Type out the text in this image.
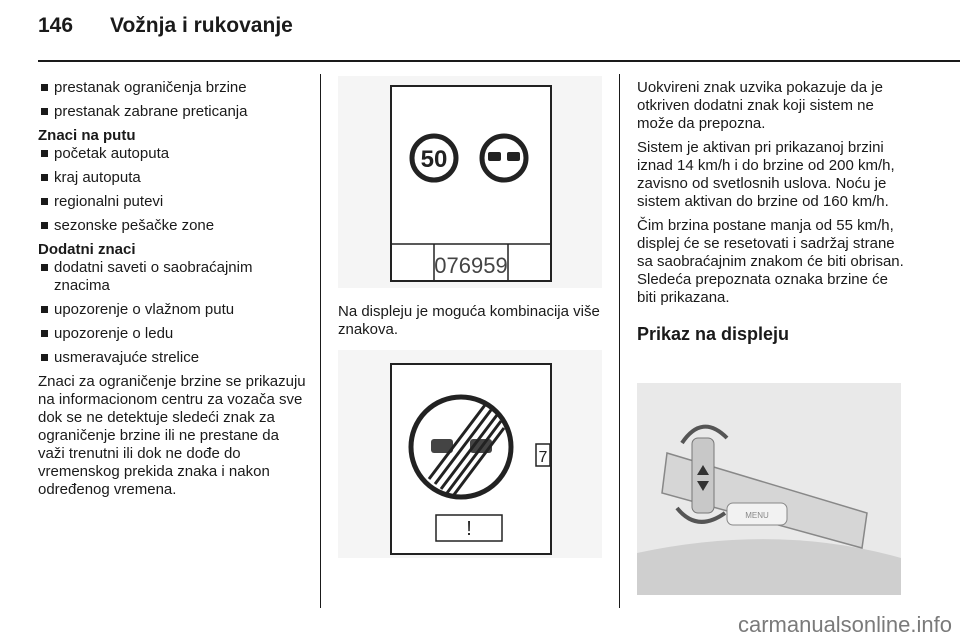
146 Vožnja i rukovanje

prestanak ograničenja brzine

prestanak zabrane preticanja

Znaci na putu

početak autoputa

kraj autoputa

regionalni putevi

sezonske pešačke zone

Dodatni znaci

dodatni saveti o saobraćajnim znacima

upozorenje o vlažnom putu

upozorenje o ledu

usmeravajuće strelice

Znaci za ograničenje brzine se prikazuju na informacionom centru za vozača sve dok se ne detektuje sledeći znak za ograničenje brzine ili ne prestane da važi trenutni ili dok ne dođe do vremenskog prekida znaka i nakon određenog vremena.

50
076959
Na displeju je moguća kombinacija više znakova.
7
!

Uokvireni znak uzvika pokazuje da je otkriven dodatni znak koji sistem ne može da prepozna.

Sistem je aktivan pri prikazanoj brzini iznad 14 km/h i do brzine od 200 km/h, zavisno od svetlosnih uslova. Noću je sistem aktivan do brzine od 160 km/h.

Čim brzina postane manja od 55 km/h, displej će se resetovati i sadržaj strane sa saobraćajnim znakom će biti obrisan. Sledeća prepoznata oznaka brzine će biti prikazana.

Prikaz na displeju

MENU
carmanualsonline.info
